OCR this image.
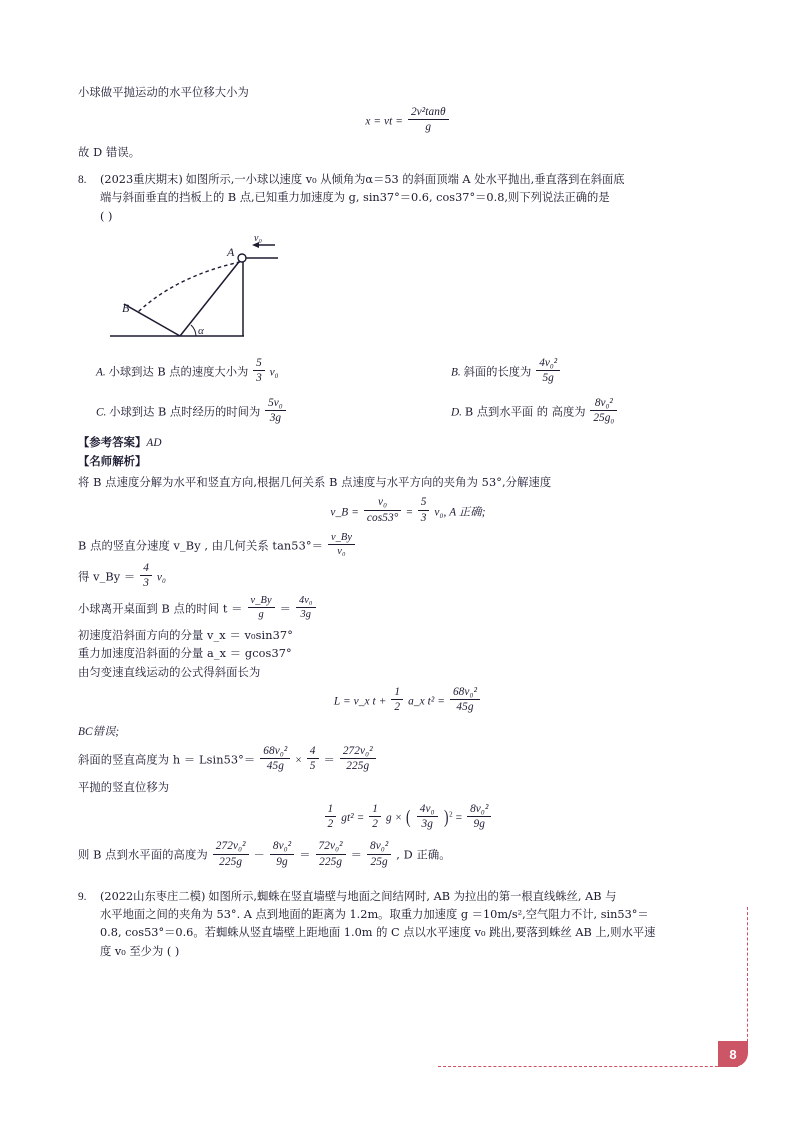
小球做平抛运动的水平位移大小为
x = vt = $\frac{\text{2v²tanθ}}{g}$
故 D 错误。
8.	(2023重庆期末) 如图所示,一小球以速度 v₀ 从倾角为α＝53 的斜面顶端 A 处水平抛出,垂直落到在斜面底
端与斜面垂直的挡板上的 B 点,已知重力加速度为 g, sin37°＝0.6, cos37°＝0.8,则下列说法正确的是
( )
A
B
v₀
α
A. 小球到达 B 点的速度大小为 $\frac{5}{3} v_0$	B. 斜面的长度为 $\frac{\text{4v₀²}}{5g}$
C. 小球到达 B 点时经历的时间为 $\frac{\text{5v₀}}{3g}$	D. B 点到水平面 的 高度为 $\frac{\text{8v₀²}}{\text{25g₀}}$
【参考答案】AD
【名师解析】
将 B 点速度分解为水平和竖直方向,根据几何关系 B 点速度与水平方向的夹角为 53°,分解速度
v_B = $\frac{\text{v₀}}{\cos 53^\circ} = \frac{5}{3} v_0$, A 正确;
B 点的竖直分速度 v_By , 由几何关系 $\tan 53^\circ= \frac{v\_By}{\text{v₀}}$
得 v_By ＝ $\frac{4}{3} v_0$
小球离开桌面到 B 点的时间 $t = \frac{v\_By}{g} = \frac{\text{4v₀}}{3g}$
初速度沿斜面方向的分量 v_x ＝ v₀sin37°
重力加速度沿斜面的分量 a_x ＝ gcos37°
由匀变速直线运动的公式得斜面长为
L = v_x $t + \frac{1}{2}$ a_x $t^2 = \frac{\text{68v₀²}}{45g}$
BC错误;
斜面的竖直高度为 $h = Lsin53^\circ= \frac{\text{68v₀²}}{45g} \times \frac{4}{5} = \frac{\text{272v₀²}}{225g}$
平抛的竖直位移为
$\frac{1}{2} gt^2 = \frac{1}{2}$ g × ( $\frac{\text{4v₀}}{3g} )^2 = \frac{\text{8v₀²}}{9g}$
则 B 点到水平面的高度为 $\frac{\text{272v₀²}}{225g} - \frac{\text{8v₀²}}{9g} = \frac{\text{72v₀²}}{225g} = \frac{\text{8v₀²}}{25g}$ , D 正确。
9.	(2022山东枣庄二模) 如图所示,蜘蛛在竖直墙壁与地面之间结网时, AB 为拉出的第一根直线蛛丝, AB 与
水平地面之间的夹角为 53°. A 点到地面的距离为 1.2m。取重力加速度 g ＝10m/s²,空气阻力不计, sin53°＝
0.8, cos53°＝0.6。若蜘蛛从竖直墙壁上距地面 1.0m 的 C 点以水平速度 v₀ 跳出,要落到蛛丝 AB 上,则水平速
度 v₀ 至少为 ( )
8
